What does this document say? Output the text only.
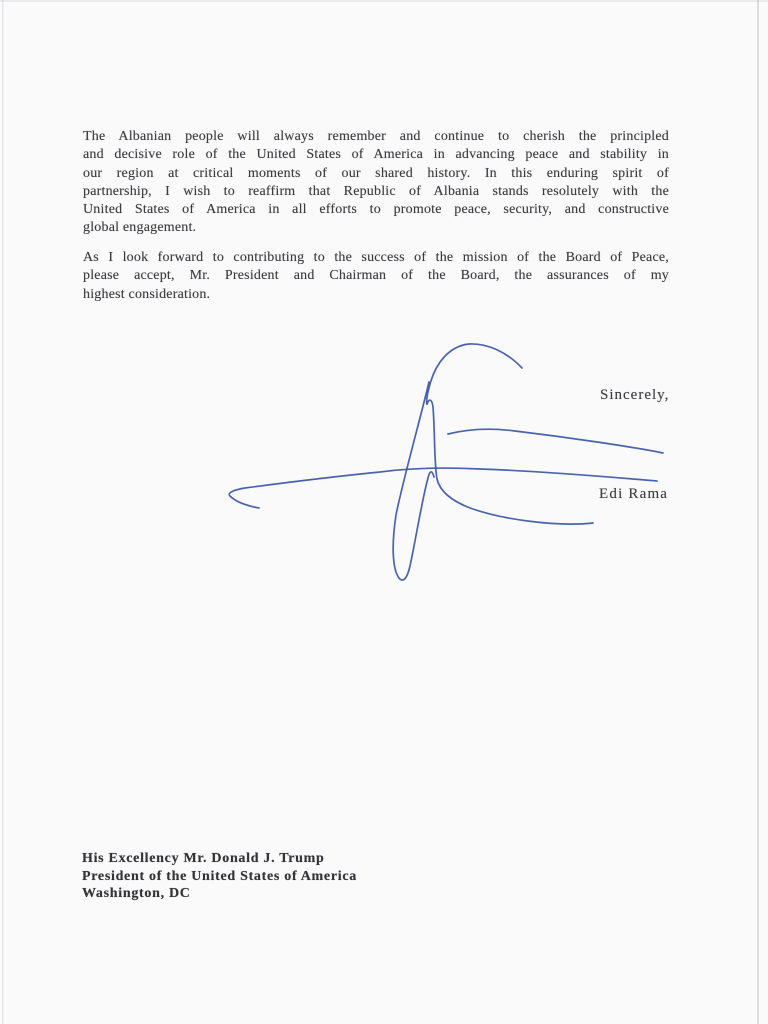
The Albanian people will always remember and continue to cherish the principled
and decisive role of the United States of America in advancing peace and stability in
our region at critical moments of our shared history. In this enduring spirit of
partnership, I wish to reaffirm that Republic of Albania stands resolutely with the
United States of America in all efforts to promote peace, security, and constructive
global engagement.
As I look forward to contributing to the success of the mission of the Board of Peace,
please accept, Mr. President and Chairman of the Board, the assurances of my
highest consideration.
Sincerely,
Edi Rama
His Excellency Mr. Donald J. Trump
President of the United States of America
Washington, DC
